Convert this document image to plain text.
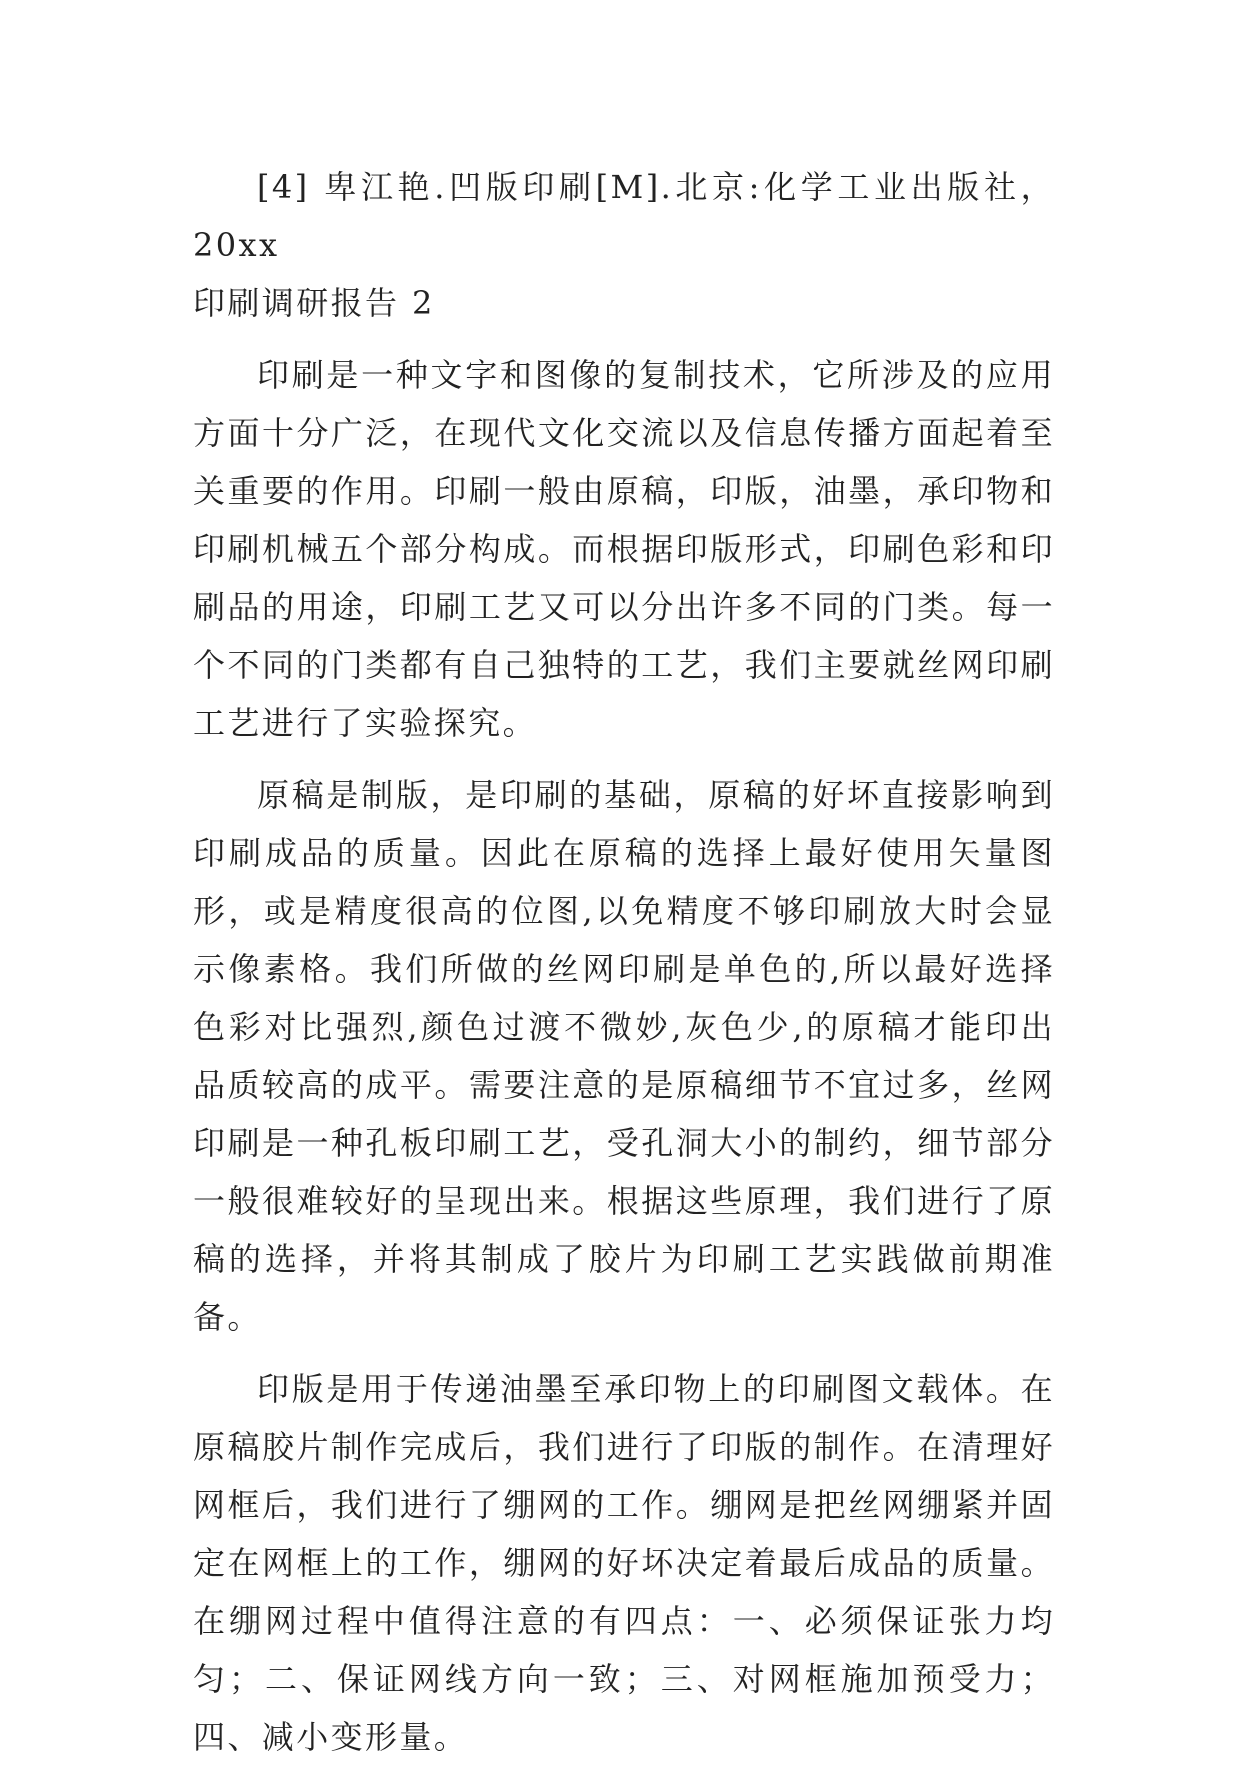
[4] 卑江艳.凹版印刷[M].北京:化学工业出版社，20xx

印刷调研报告 2

印刷是一种文字和图像的复制技术，它所涉及的应用方面十分广泛，在现代文化交流以及信息传播方面起着至关重要的作用。印刷一般由原稿，印版，油墨，承印物和印刷机械五个部分构成。而根据印版形式，印刷色彩和印刷品的用途，印刷工艺又可以分出许多不同的门类。每一个不同的门类都有自己独特的工艺，我们主要就丝网印刷工艺进行了实验探究。

原稿是制版，是印刷的基础，原稿的好坏直接影响到印刷成品的质量。因此在原稿的选择上最好使用矢量图形，或是精度很高的位图,以免精度不够印刷放大时会显示像素格。我们所做的丝网印刷是单色的,所以最好选择色彩对比强烈,颜色过渡不微妙,灰色少,的原稿才能印出品质较高的成平。需要注意的是原稿细节不宜过多，丝网印刷是一种孔板印刷工艺，受孔洞大小的制约，细节部分一般很难较好的呈现出来。根据这些原理，我们进行了原稿的选择，并将其制成了胶片为印刷工艺实践做前期准备。

印版是用于传递油墨至承印物上的印刷图文载体。在原稿胶片制作完成后，我们进行了印版的制作。在清理好网框后，我们进行了绷网的工作。绷网是把丝网绷紧并固定在网框上的工作，绷网的好坏决定着最后成品的质量。在绷网过程中值得注意的有四点：一、必须保证张力均匀；二、保证网线方向一致；三、对网框施加预受力；四、减小变形量。
